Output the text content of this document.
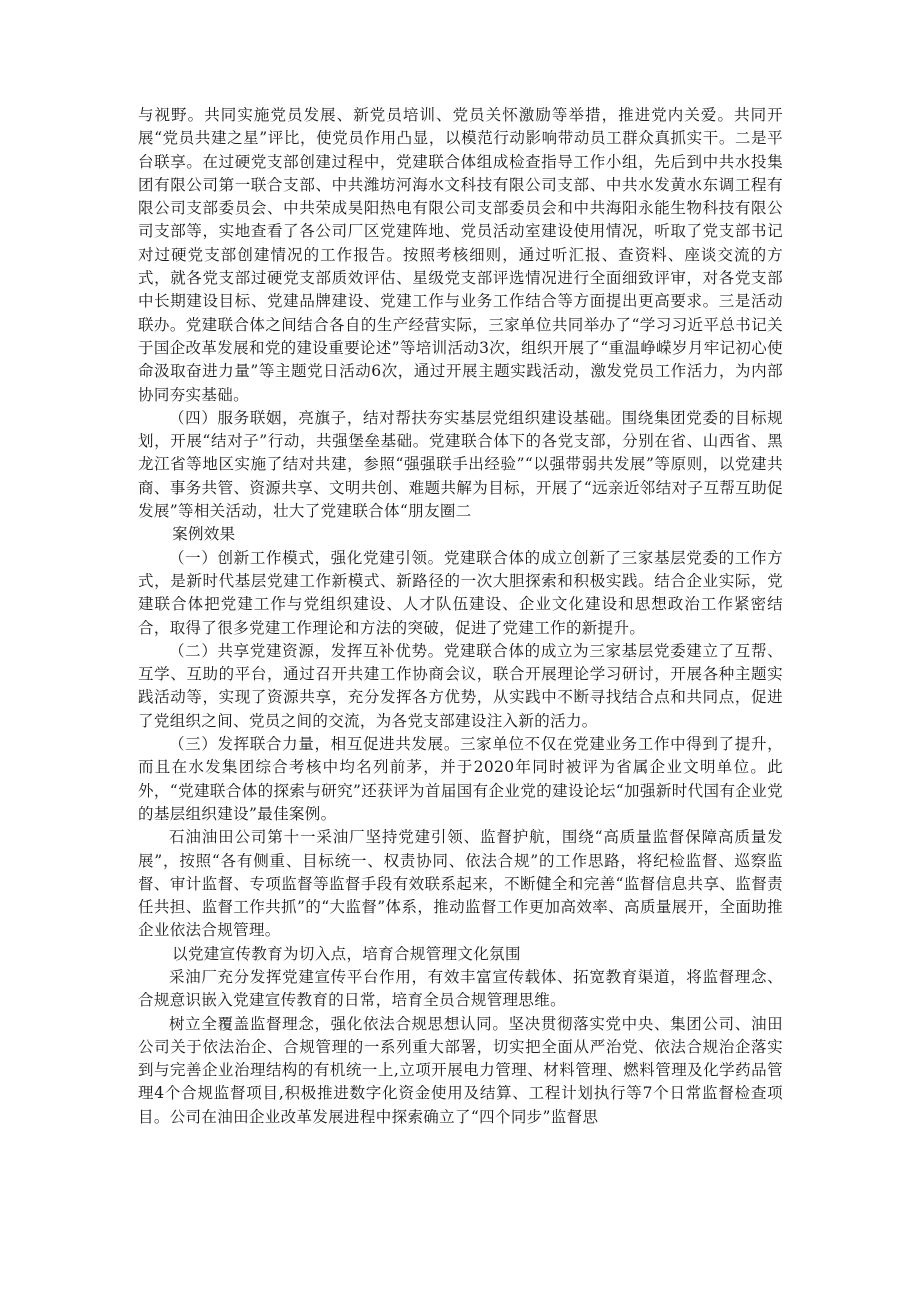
与视野。共同实施党员发展、新党员培训、党员关怀激励等举措，推进党内关爱。共同开展“党员共建之星”评比，使党员作用凸显，以模范行动影响带动员工群众真抓实干。二是平台联享。在过硬党支部创建过程中，党建联合体组成检查指导工作小组，先后到中共水投集团有限公司第一联合支部、中共潍坊河海水文科技有限公司支部、中共水发黄水东调工程有限公司支部委员会、中共荣成昊阳热电有限公司支部委员会和中共海阳永能生物科技有限公司支部等，实地查看了各公司厂区党建阵地、党员活动室建设使用情况，听取了党支部书记对过硬党支部创建情况的工作报告。按照考核细则，通过听汇报、查资料、座谈交流的方式，就各党支部过硬党支部质效评估、星级党支部评选情况进行全面细致评审，对各党支部中长期建设目标、党建品牌建设、党建工作与业务工作结合等方面提出更高要求。三是活动联办。党建联合体之间结合各自的生产经营实际，三家单位共同举办了“学习习近平总书记关于国企改革发展和党的建设重要论述”等培训活动3次，组织开展了“重温峥嵘岁月牢记初心使命汲取奋进力量”等主题党日活动6次，通过开展主题实践活动，激发党员工作活力，为内部协同夯实基础。

（四）服务联姻，亮旗子，结对帮扶夯实基层党组织建设基础。围绕集团党委的目标规划，开展“结对子”行动，共强堡垒基础。党建联合体下的各党支部，分别在省、山西省、黑龙江省等地区实施了结对共建，参照“强强联手出经验”“以强带弱共发展”等原则，以党建共商、事务共管、资源共享、文明共创、难题共解为目标，开展了“远亲近邻结对子互帮互助促发展”等相关活动，壮大了党建联合体“朋友圈二

案例效果

（一）创新工作模式，强化党建引领。党建联合体的成立创新了三家基层党委的工作方式，是新时代基层党建工作新模式、新路径的一次大胆探索和积极实践。结合企业实际，党建联合体把党建工作与党组织建设、人才队伍建设、企业文化建设和思想政治工作紧密结合，取得了很多党建工作理论和方法的突破，促进了党建工作的新提升。

（二）共享党建资源，发挥互补优势。党建联合体的成立为三家基层党委建立了互帮、互学、互助的平台，通过召开共建工作协商会议，联合开展理论学习研讨，开展各种主题实践活动等，实现了资源共享，充分发挥各方优势，从实践中不断寻找结合点和共同点，促进了党组织之间、党员之间的交流，为各党支部建设注入新的活力。

（三）发挥联合力量，相互促进共发展。三家单位不仅在党建业务工作中得到了提升，而且在水发集团综合考核中均名列前茅，并于2020年同时被评为省属企业文明单位。此外，“党建联合体的探索与研究”还获评为首届国有企业党的建设论坛“加强新时代国有企业党的基层组织建设”最佳案例。

石油油田公司第十一采油厂坚持党建引领、监督护航，围绕“高质量监督保障高质量发展”，按照“各有侧重、目标统一、权责协同、依法合规”的工作思路，将纪检监督、巡察监督、审计监督、专项监督等监督手段有效联系起来，不断健全和完善“监督信息共享、监督责任共担、监督工作共抓”的“大监督”体系，推动监督工作更加高效率、高质量展开，全面助推企业依法合规管理。

以党建宣传教育为切入点，培育合规管理文化氛围

采油厂充分发挥党建宣传平台作用，有效丰富宣传载体、拓宽教育渠道，将监督理念、合规意识嵌入党建宣传教育的日常，培育全员合规管理思维。

树立全覆盖监督理念，强化依法合规思想认同。坚决贯彻落实党中央、集团公司、油田公司关于依法治企、合规管理的一系列重大部署，切实把全面从严治党、依法合规治企落实到与完善企业治理结构的有机统一上,立项开展电力管理、材料管理、燃料管理及化学药品管理4个合规监督项目,积极推进数字化资金使用及结算、工程计划执行等7个日常监督检查项目。公司在油田企业改革发展进程中探索确立了“四个同步”监督思
